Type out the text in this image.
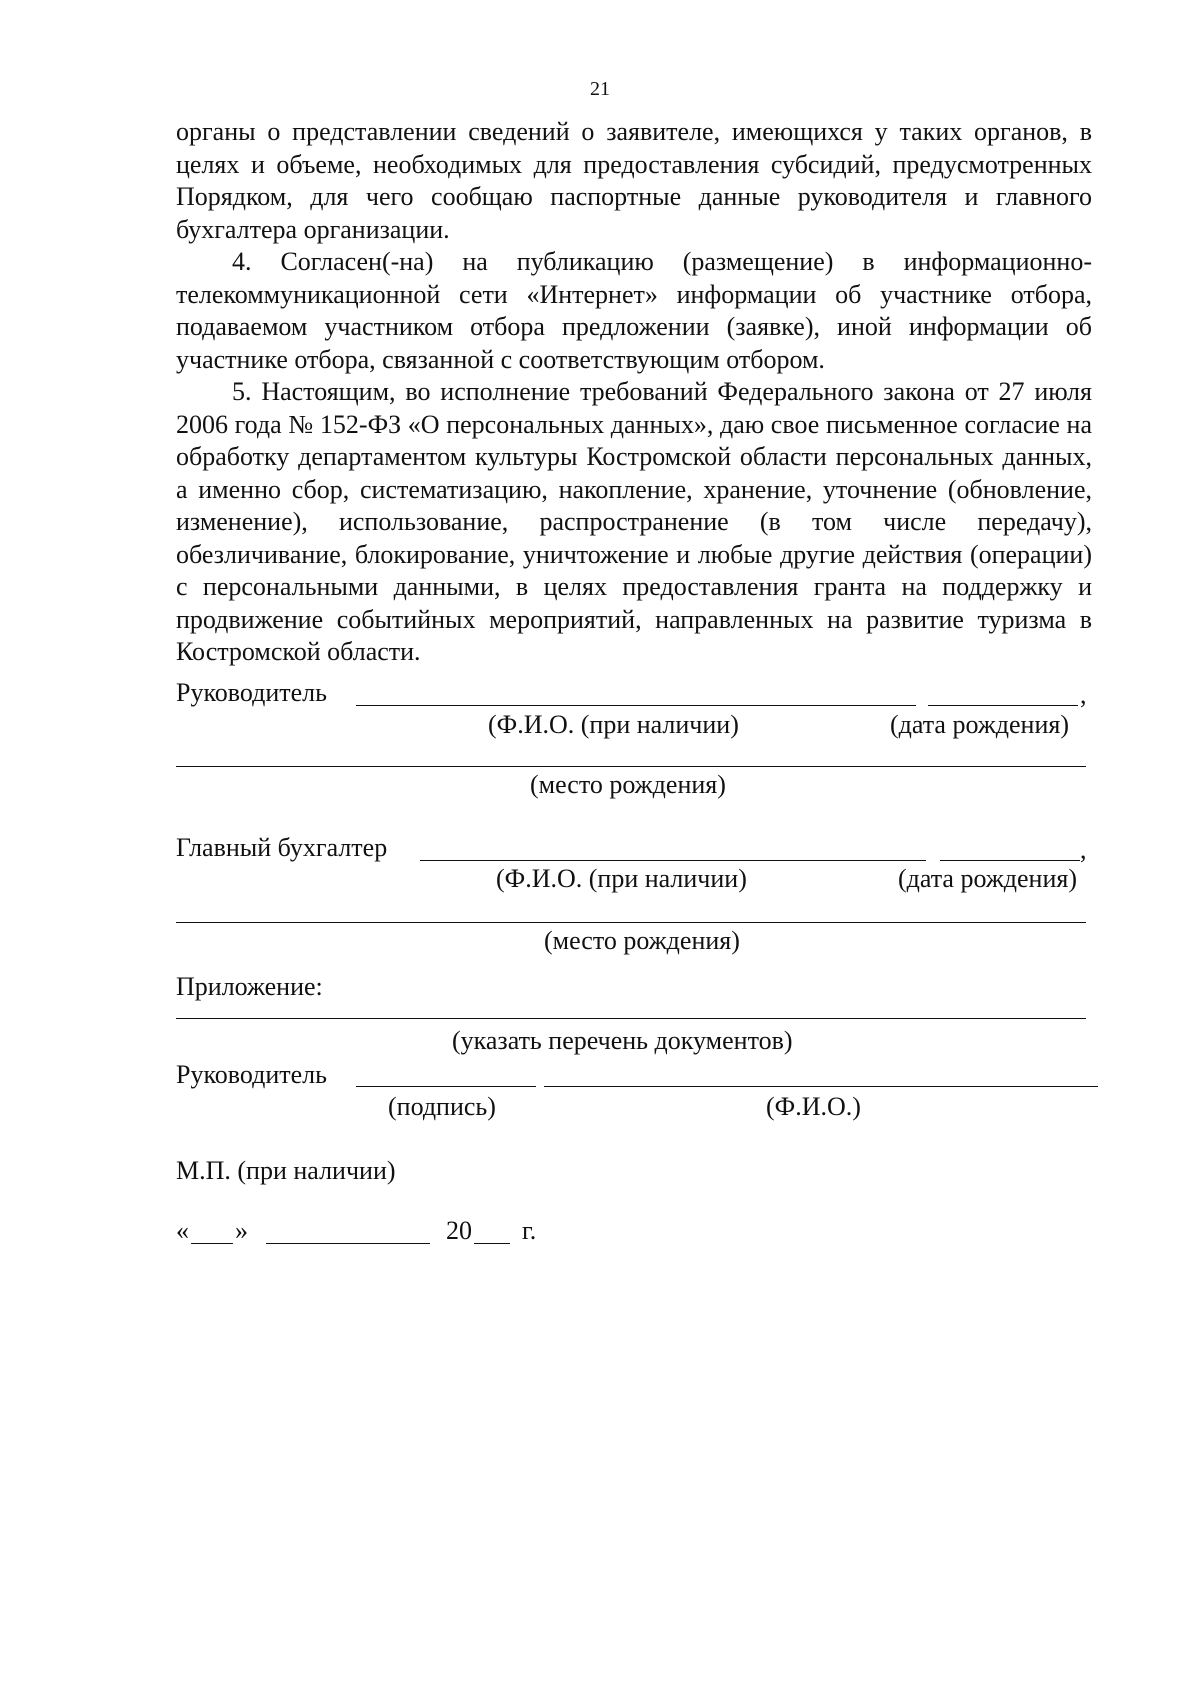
21

органы о представлении сведений о заявителе, имеющихся у таких органов, в целях и объеме, необходимых для предоставления субсидий, предусмотренных Порядком, для чего сообщаю паспортные данные руководителя и главного бухгалтера организации.

4. Согласен(-на) на публикацию (размещение) в информационно-телекоммуникационной сети «Интернет» информации об участнике отбора, подаваемом участником отбора предложении (заявке), иной информации об участнике отбора, связанной с соответствующим отбором.

5. Настоящим, во исполнение требований Федерального закона от 27 июля 2006 года № 152-ФЗ «О персональных данных», даю свое письменное согласие на обработку департаментом культуры Костромской области персональных данных, а именно сбор, систематизацию, накопление, хранение, уточнение (обновление, изменение), использование, распространение (в том числе передачу), обезличивание, блокирование, уничтожение и любые другие действия (операции) с персональными данными, в целях предоставления гранта на поддержку и продвижение событийных мероприятий, направленных на развитие туризма в Костромской области.

Руководитель	,
(Ф.И.О. (при наличии)	(дата рождения)
(место рождения)
Главный бухгалтер	,
(Ф.И.О. (при наличии)	(дата рождения)
(место рождения)
Приложение:
(указать перечень документов)
Руководитель
(подпись)	(Ф.И.О.)
М.П. (при наличии)
« »	20 г.
